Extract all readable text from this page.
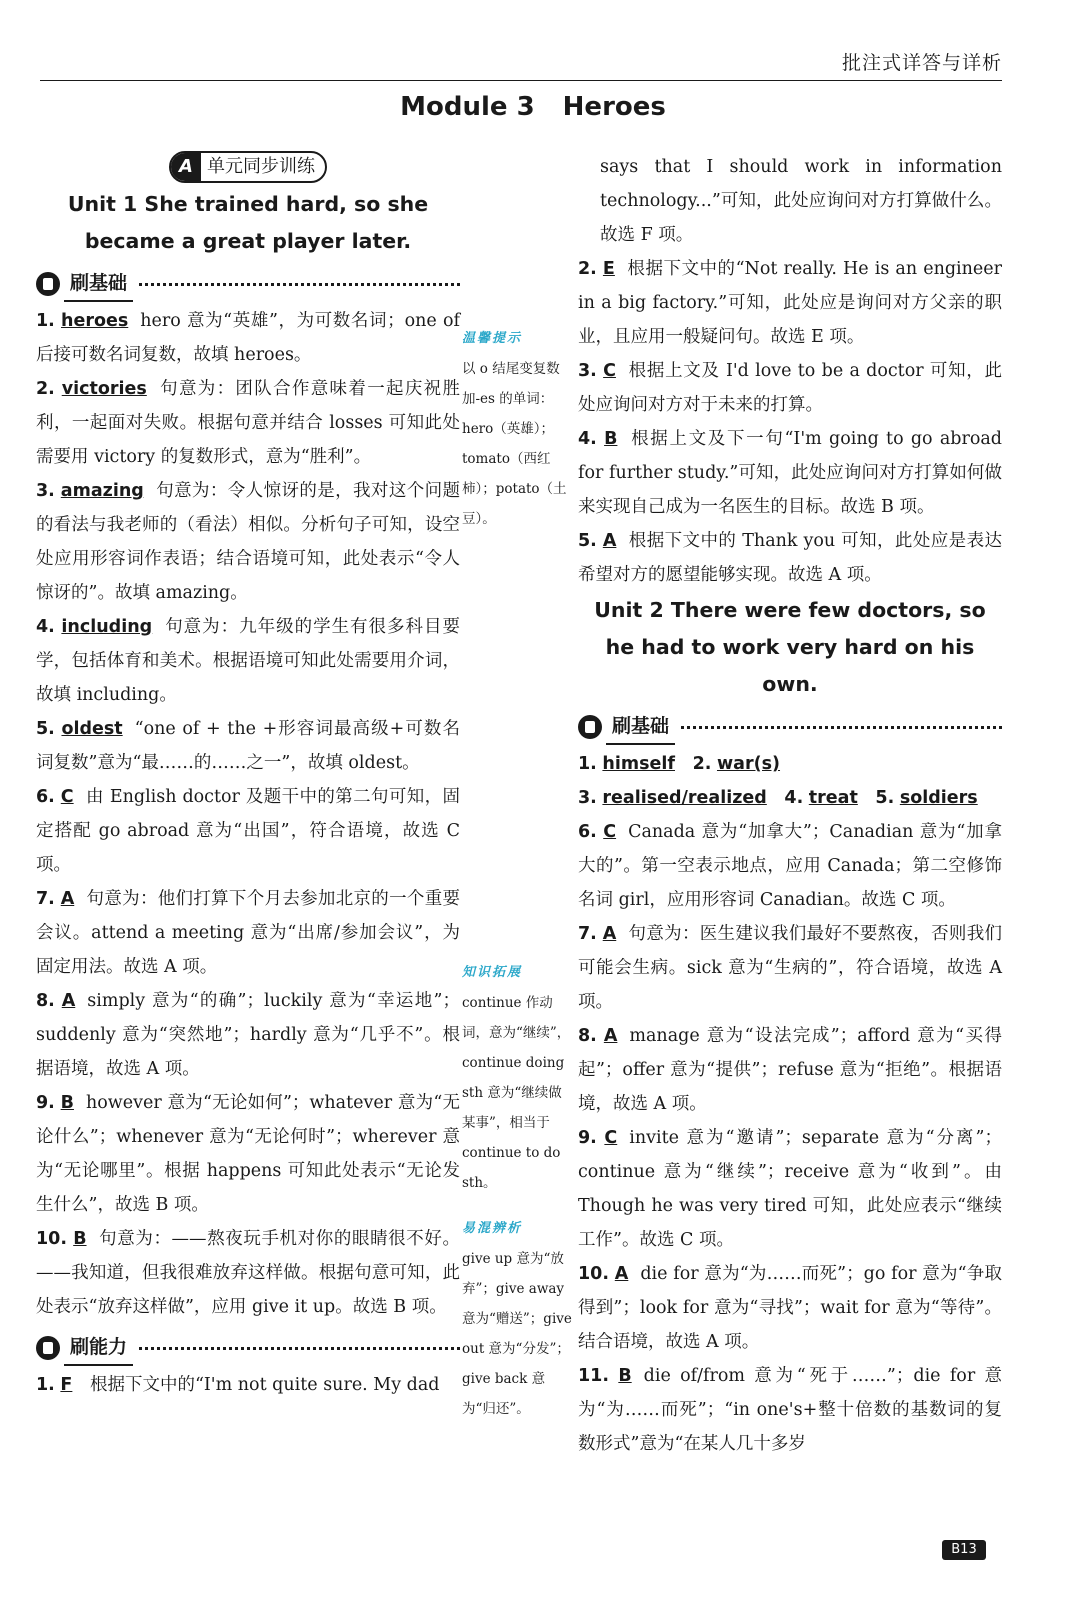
批注式详答与详析
Module 3 Heroes
A 单元同步训练
Unit 1 She trained hard, so she
became a great player later.
刷基础
1. heroes hero 意为“英雄”，为可数名词；one of 后接可数名词复数，故填 heroes。
2. victories 句意为：团队合作意味着一起庆祝胜利，一起面对失败。根据句意并结合 losses 可知此处需要用 victory 的复数形式，意为“胜利”。
3. amazing 句意为：令人惊讶的是，我对这个问题的看法与我老师的（看法）相似。分析句子可知，设空处应用形容词作表语；结合语境可知，此处表示“令人惊讶的”。故填 amazing。
4. including 句意为：九年级的学生有很多科目要学，包括体育和美术。根据语境可知此处需要用介词，故填 including。
5. oldest “one of + the +形容词最高级+可数名词复数”意为“最……的……之一”，故填 oldest。
6. C 由 English doctor 及题干中的第二句可知，固定搭配 go abroad 意为“出国”，符合语境，故选 C 项。
7. A 句意为：他们打算下个月去参加北京的一个重要会议。attend a meeting 意为“出席/参加会议”，为固定用法。故选 A 项。
8. A simply 意为“的确”；luckily 意为“幸运地”；suddenly 意为“突然地”；hardly 意为“几乎不”。根据语境，故选 A 项。
9. B however 意为“无论如何”；whatever 意为“无论什么”；whenever 意为“无论何时”；wherever 意为“无论哪里”。根据 happens 可知此处表示“无论发生什么”，故选 B 项。
10. B 句意为：——熬夜玩手机对你的眼睛很不好。——我知道，但我很难放弃这样做。根据句意可知，此处表示“放弃这样做”，应用 give it up。故选 B 项。
刷能力
1. F 根据下文中的“I'm not quite sure. My dad
温馨提示
以 o 结尾变复数加-es 的单词：hero（英雄）；tomato（西红柿）；potato（土豆）。
知识拓展
continue 作动词，意为“继续”，continue doing sth 意为“继续做某事”，相当于 continue to do sth。
易混辨析
give up 意为“放弃”；give away 意为“赠送”；give out 意为“分发”；give back 意为“归还”。
says that I should work in information technology...”可知，此处应询问对方打算做什么。故选 F 项。
2. E 根据下文中的“Not really. He is an engineer in a big factory.”可知，此处应是询问对方父亲的职业，且应用一般疑问句。故选 E 项。
3. C 根据上文及 I'd love to be a doctor 可知，此处应询问对方对于未来的打算。
4. B 根据上文及下一句“I'm going to go abroad for further study.”可知，此处应询问对方打算如何做来实现自己成为一名医生的目标。故选 B 项。
5. A 根据下文中的 Thank you 可知，此处应是表达希望对方的愿望能够实现。故选 A 项。
Unit 2 There were few doctors, so
he had to work very hard on his own.
刷基础
1. himself 2. war(s)
3. realised/realized 4. treat 5. soldiers
6. C Canada 意为“加拿大”；Canadian 意为“加拿大的”。第一空表示地点，应用 Canada；第二空修饰名词 girl，应用形容词 Canadian。故选 C 项。
7. A 句意为：医生建议我们最好不要熬夜，否则我们可能会生病。sick 意为“生病的”，符合语境，故选 A 项。
8. A manage 意为“设法完成”；afford 意为“买得起”；offer 意为“提供”；refuse 意为“拒绝”。根据语境，故选 A 项。
9. C invite 意为“邀请”；separate 意为“分离”；continue 意为“继续”；receive 意为“收到”。由 Though he was very tired 可知，此处应表示“继续工作”。故选 C 项。
10. A die for 意为“为……而死”；go for 意为“争取得到”；look for 意为“寻找”；wait for 意为“等待”。结合语境，故选 A 项。
11. B die of/from 意为“死于……”；die for 意为“为……而死”；“in one's+整十倍数的基数词的复数形式”意为“在某人几十多岁
B13
